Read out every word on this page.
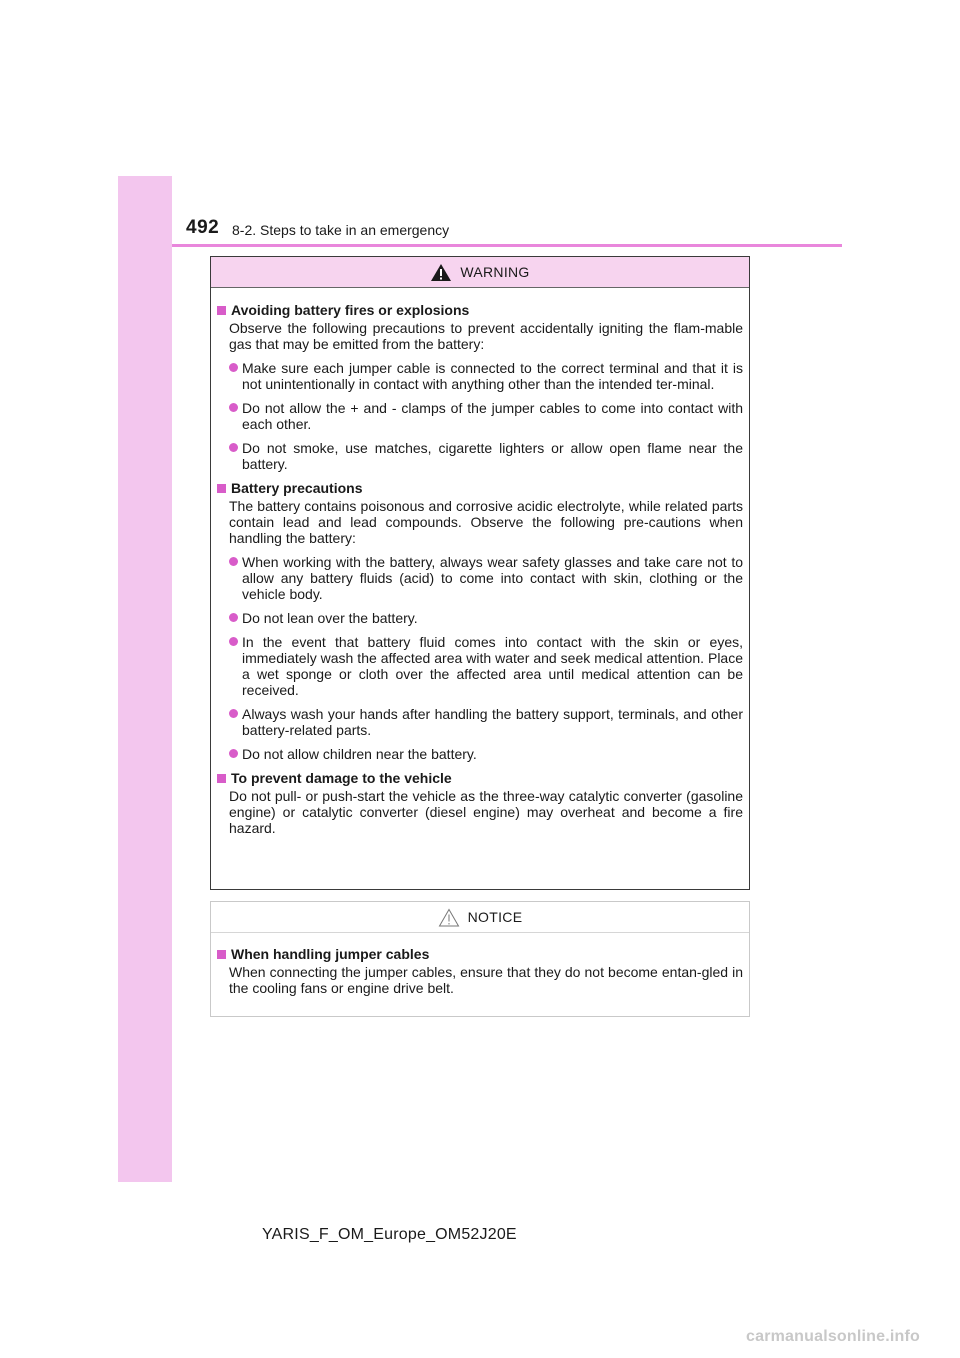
492 8-2. Steps to take in an emergency
WARNING
Avoiding battery fires or explosions

Observe the following precautions to prevent accidentally igniting the flam-mable gas that may be emitted from the battery:

Make sure each jumper cable is connected to the correct terminal and that it is not unintentionally in contact with anything other than the intended ter-minal.
Do not allow the + and - clamps of the jumper cables to come into contact with each other.
Do not smoke, use matches, cigarette lighters or allow open flame near the battery.
Battery precautions

The battery contains poisonous and corrosive acidic electrolyte, while related parts contain lead and lead compounds. Observe the following pre-cautions when handling the battery:

When working with the battery, always wear safety glasses and take care not to allow any battery fluids (acid) to come into contact with skin, clothing or the vehicle body.
Do not lean over the battery.
In the event that battery fluid comes into contact with the skin or eyes, immediately wash the affected area with water and seek medical attention. Place a wet sponge or cloth over the affected area until medical attention can be received.
Always wash your hands after handling the battery support, terminals, and other battery-related parts.
Do not allow children near the battery.
To prevent damage to the vehicle

Do not pull- or push-start the vehicle as the three-way catalytic converter (gasoline engine) or catalytic converter (diesel engine) may overheat and become a fire hazard.

NOTICE
When handling jumper cables

When connecting the jumper cables, ensure that they do not become entan-gled in the cooling fans or engine drive belt.

YARIS_F_OM_Europe_OM52J20E
carmanualsonline.info
